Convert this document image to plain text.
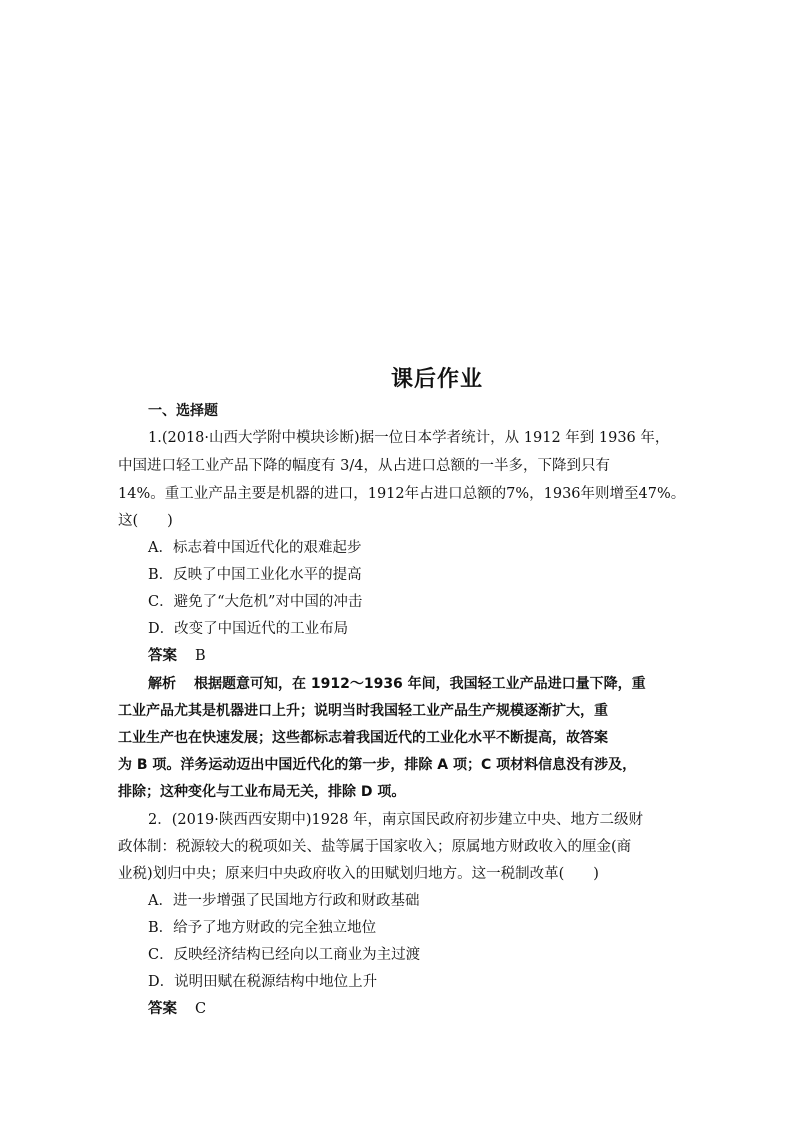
课后作业
一、选择题
1.(2018·山西大学附中模块诊断)据一位日本学者统计，从 1912 年到 1936 年，
中国进口轻工业产品下降的幅度有 3/4，从占进口总额的一半多，下降到只有
14%。重工业产品主要是机器的进口，1912年占进口总额的7%，1936年则增至47%。
这(　　)
A．标志着中国近代化的艰难起步
B．反映了中国工业化水平的提高
C．避免了“大危机”对中国的冲击
D．改变了中国近代的工业布局
答案 B
解析 根据题意可知，在 1912～1936 年间，我国轻工业产品进口量下降，重
工业产品尤其是机器进口上升；说明当时我国轻工业产品生产规模逐渐扩大，重
工业生产也在快速发展；这些都标志着我国近代的工业化水平不断提高，故答案
为 B 项。洋务运动迈出中国近代化的第一步，排除 A 项；C 项材料信息没有涉及，
排除；这种变化与工业布局无关，排除 D 项。
2．(2019·陕西西安期中)1928 年，南京国民政府初步建立中央、地方二级财
政体制：税源较大的税项如关、盐等属于国家收入；原属地方财政收入的厘金(商
业税)划归中央；原来归中央政府收入的田赋划归地方。这一税制改革(　　)
A．进一步增强了民国地方行政和财政基础
B．给予了地方财政的完全独立地位
C．反映经济结构已经向以工商业为主过渡
D．说明田赋在税源结构中地位上升
答案 C
